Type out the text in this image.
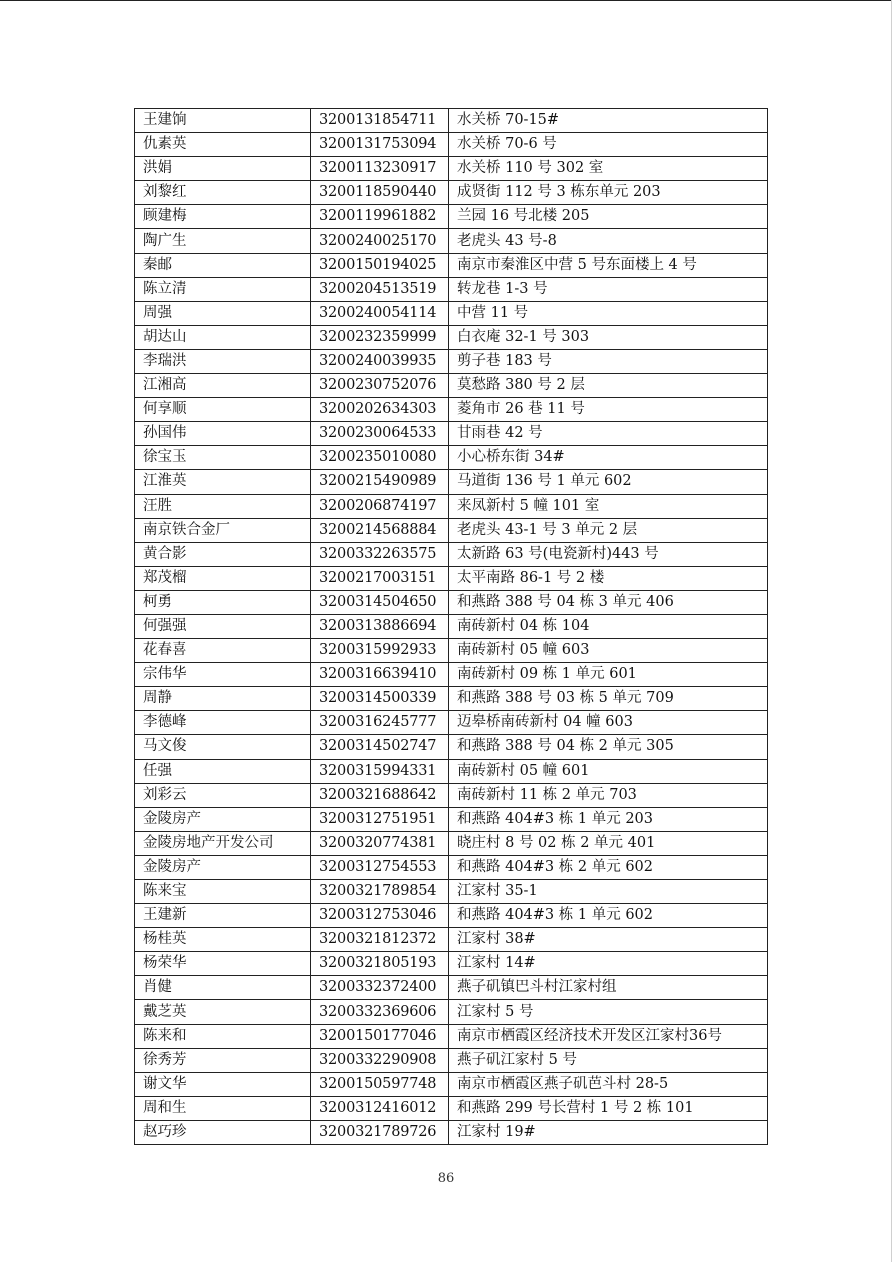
王建饷	3200131854711	水关桥 70-15#
仇素英	3200131753094	水关桥 70-6 号
洪娟	3200113230917	水关桥 110 号 302 室
刘黎红	3200118590440	成贤街 112 号 3 栋东单元 203
顾建梅	3200119961882	兰园 16 号北楼 205
陶广生	3200240025170	老虎头 43 号-8
秦邮	3200150194025	南京市秦淮区中营 5 号东面楼上 4 号
陈立清	3200204513519	转龙巷 1-3 号
周强	3200240054114	中营 11 号
胡达山	3200232359999	白衣庵 32-1 号 303
李瑞洪	3200240039935	剪子巷 183 号
江湘高	3200230752076	莫愁路 380 号 2 层
何享顺	3200202634303	菱角市 26 巷 11 号
孙国伟	3200230064533	甘雨巷 42 号
徐宝玉	3200235010080	小心桥东街 34#
江淮英	3200215490989	马道街 136 号 1 单元 602
汪胜	3200206874197	来凤新村 5 幢 101 室
南京铁合金厂	3200214568884	老虎头 43-1 号 3 单元 2 层
黄合影	3200332263575	太新路 63 号(电瓷新村)443 号
郑茂榴	3200217003151	太平南路 86-1 号 2 楼
柯勇	3200314504650	和燕路 388 号 04 栋 3 单元 406
何强强	3200313886694	南砖新村 04 栋 104
花春喜	3200315992933	南砖新村 05 幢 603
宗伟华	3200316639410	南砖新村 09 栋 1 单元 601
周静	3200314500339	和燕路 388 号 03 栋 5 单元 709
李德峰	3200316245777	迈皋桥南砖新村 04 幢 603
马文俊	3200314502747	和燕路 388 号 04 栋 2 单元 305
任强	3200315994331	南砖新村 05 幢 601
刘彩云	3200321688642	南砖新村 11 栋 2 单元 703
金陵房产	3200312751951	和燕路 404#3 栋 1 单元 203
金陵房地产开发公司	3200320774381	晓庄村 8 号 02 栋 2 单元 401
金陵房产	3200312754553	和燕路 404#3 栋 2 单元 602
陈来宝	3200321789854	江家村 35-1
王建新	3200312753046	和燕路 404#3 栋 1 单元 602
杨桂英	3200321812372	江家村 38#
杨荣华	3200321805193	江家村 14#
肖健	3200332372400	燕子矶镇巴斗村江家村组
戴芝英	3200332369606	江家村 5 号
陈来和	3200150177046	南京市栖霞区经济技术开发区江家村36号
徐秀芳	3200332290908	燕子矶江家村 5 号
谢文华	3200150597748	南京市栖霞区燕子矶芭斗村 28-5
周和生	3200312416012	和燕路 299 号长营村 1 号 2 栋 101
赵巧珍	3200321789726	江家村 19#
86
